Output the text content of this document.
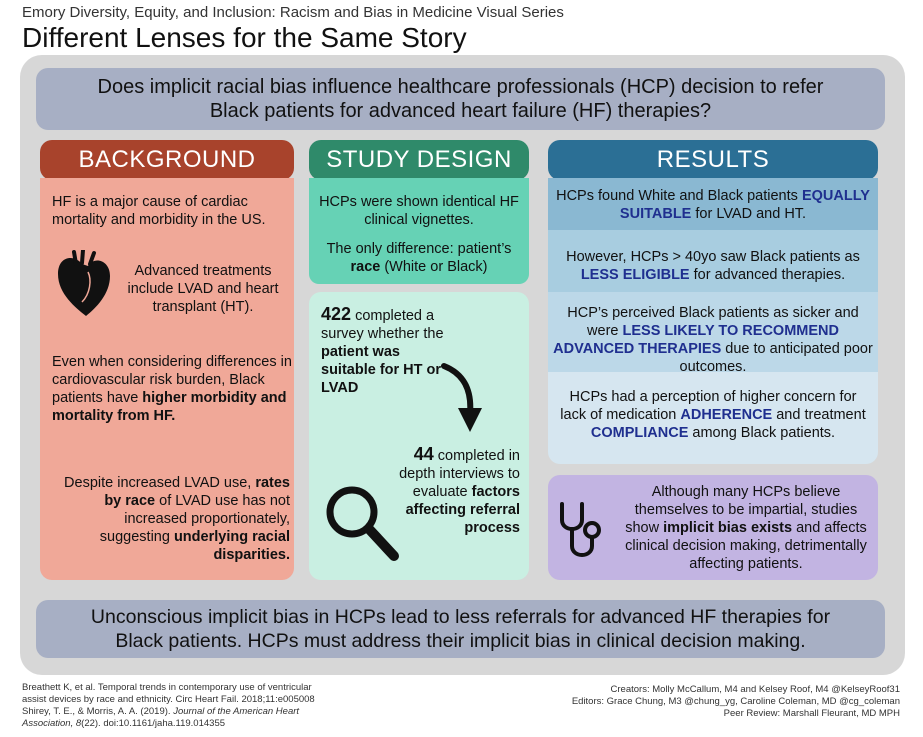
Emory Diversity, Equity, and Inclusion: Racism and Bias in Medicine Visual Series
Different Lenses for the Same Story
Does implicit racial bias influence healthcare professionals (HCP) decision to refer
Black patients for advanced heart failure (HF) therapies?
BACKGROUND	STUDY DESIGN	RESULTS
HF is a major cause of cardiac mortality and morbidity in the US.
Advanced treatments include LVAD and heart transplant (HT).
Even when considering differences in cardiovascular risk burden, Black patients have higher morbidity and mortality from HF.
Despite increased LVAD use, rates by race of LVAD use has not increased proportionately, suggesting underlying racial disparities.
HCPs were shown identical HF clinical vignettes.
The only difference: patient’s race (White or Black)
422 completed a survey whether the patient was suitable for HT or LVAD
44 completed in depth interviews to evaluate factors affecting referral process
HCPs found White and Black patients EQUALLY SUITABLE for LVAD and HT.
However, HCPs > 40yo saw Black patients as LESS ELIGIBLE for advanced therapies.
HCP’s perceived Black patients as sicker and were LESS LIKELY TO RECOMMEND ADVANCED THERAPIES due to anticipated poor outcomes.
HCPs had a perception of higher concern for lack of medication ADHERENCE and treatment COMPLIANCE among Black patients.
Although many HCPs believe themselves to be impartial, studies show implicit bias exists and affects clinical decision making, detrimentally affecting patients.
Unconscious implicit bias in HCPs lead to less referrals for advanced HF therapies for
Black patients. HCPs must address their implicit bias in clinical decision making.
Breathett K, et al. Temporal trends in contemporary use of ventricular assist devices by race and ethnicity. Circ Heart Fail. 2018;11:e005008
Shirey, T. E., & Morris, A. A. (2019). Journal of the American Heart Association, 8(22). doi:10.1161/jaha.119.014355
Creators: Molly McCallum, M4 and Kelsey Roof, M4 @KelseyRoof31
Editors: Grace Chung, M3 @chung_yg, Caroline Coleman, MD @cg_coleman
Peer Review: Marshall Fleurant, MD MPH
